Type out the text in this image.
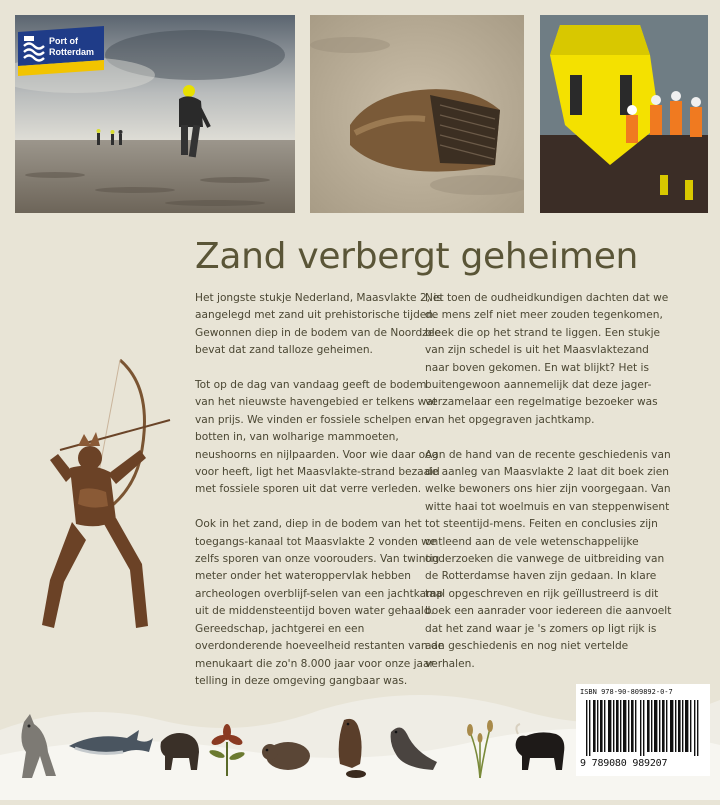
Port of
Rotterdam
Zand verbergt geheimen

Het jongste stukje Nederland, Maasvlakte 2, is aangelegd met zand uit prehistorische tijden. Gewonnen diep in de bodem van de Noordzee bevat dat zand talloze geheimen.

Tot op de dag van vandaag geeft de bodem van het nieuwste havengebied er telkens wat van prijs. We vinden er fossiele schelpen en botten in, van wolharige mammoeten, neushoorns en nijlpaarden. Voor wie daar oog voor heeft, ligt het Maasvlakte-strand bezaaid met fossiele sporen uit dat verre verleden.

Ook in het zand, diep in de bodem van het toegangs-kanaal tot Maasvlakte 2 vonden we zelfs sporen van onze voorouders. Van twintig meter onder het wateroppervlak hebben archeologen overblijf-selen van een jachtkamp uit de middensteentijd boven water gehaald. Gereedschap, jachtgerei en een overdonderende hoeveelheid restanten van de menukaart die zo'n 8.000 jaar voor onze jaar-telling in deze omgeving gangbaar was.

Net toen de oudheidkundigen dachten dat we de mens zelf niet meer zouden tegenkomen, bleek die op het strand te liggen. Een stukje van zijn schedel is uit het Maasvlaktezand naar boven gekomen. En wat blijkt? Het is buitengewoon aannemelijk dat deze jager-verzamelaar een regelmatige bezoeker was van het opgegraven jachtkamp.

Aan de hand van de recente geschiedenis van de aanleg van Maasvlakte 2 laat dit boek zien welke bewoners ons hier zijn voorgegaan. Van witte haai tot woelmuis en van steppenwisent tot steentijd-mens. Feiten en conclusies zijn ontleend aan de vele wetenschappelijke onderzoeken die vanwege de uitbreiding van de Rotterdamse haven zijn gedaan. In klare taal opgeschreven en rijk geïllustreerd is dit boek een aanrader voor iedereen die aanvoelt dat het zand waar je 's zomers op ligt rijk is aan geschiedenis en nog niet vertelde verhalen.

ISBN 978-90-809892-0-7
9 789080 989207
